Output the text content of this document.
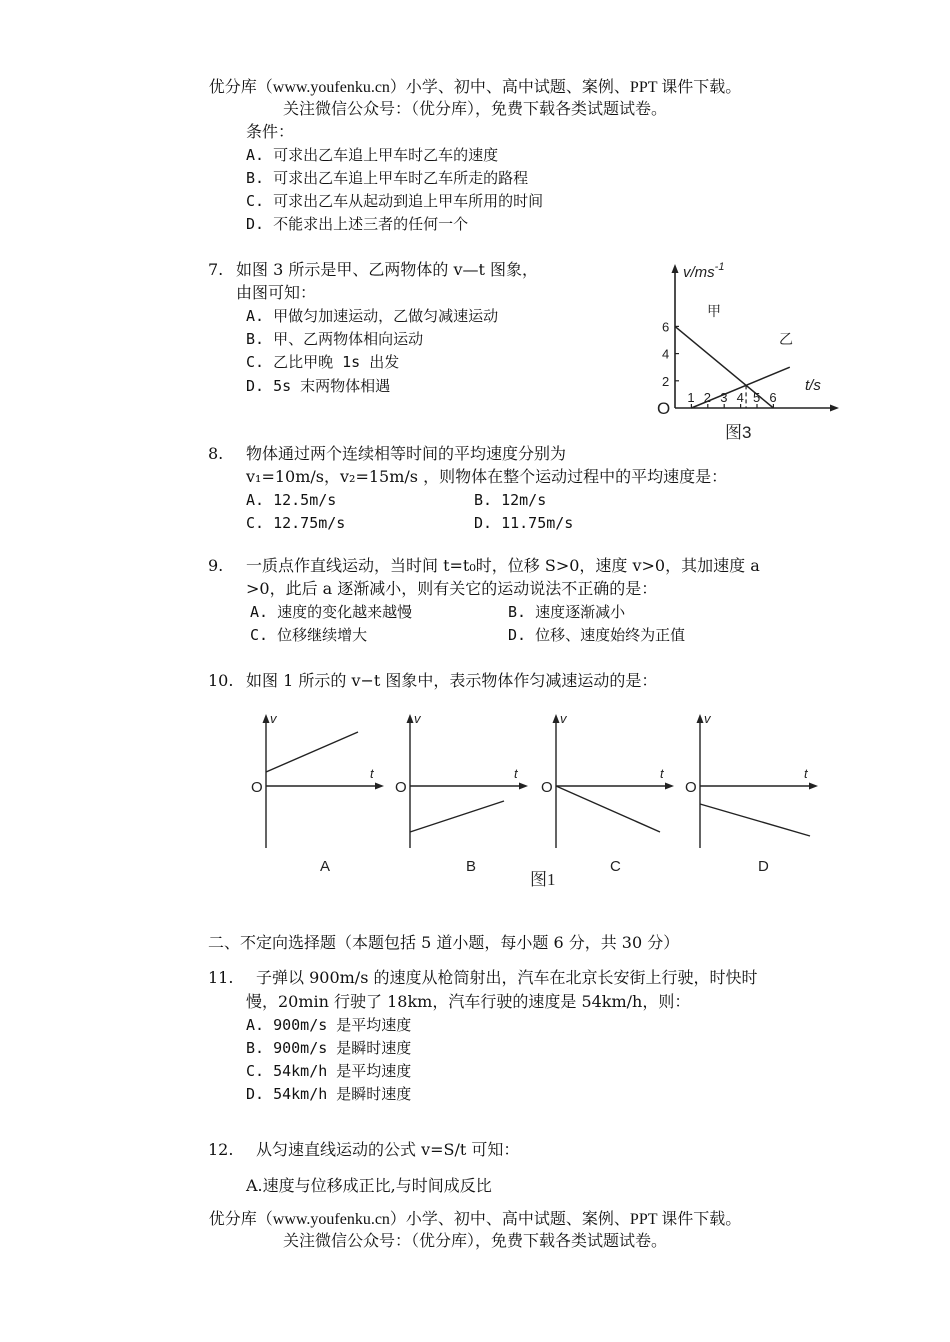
优分库（www.youfenku.cn）小学、初中、高中试题、案例、PPT 课件下载。
关注微信公众号：（优分库），免费下载各类试题试卷。
条件：
A. 可求出乙车追上甲车时乙车的速度
B. 可求出乙车追上甲车时乙车所走的路程
C. 可求出乙车从起动到追上甲车所用的时间
D. 不能求出上述三者的任何一个
7. 如图 3 所示是甲、乙两物体的 v—t 图象，
由图可知：
A. 甲做匀加速运动，乙做匀减速运动
B. 甲、乙两物体相向运动
C. 乙比甲晚 1s 出发
D. 5s 末两物体相遇
1 2 3 4 5 6
6
4
2
$v/ms^{-1}$
t/s
O
甲
乙
图3
8. 物体通过两个连续相等时间的平均速度分别为
v₁=10m/s，v₂=15m/s ，则物体在整个运动过程中的平均速度是：
A. 12.5m/s	B. 12m/s
C. 12.75m/s	D. 11.75m/s
9. 一质点作直线运动，当时间 t=t₀时，位移 S>0，速度 v>0，其加速度 a
>0，此后 a 逐渐减小，则有关它的运动说法不正确的是：
A. 速度的变化越来越慢	B. 速度逐渐减小
C. 位移继续增大	D. 位移、速度始终为正值
10. 如图 1 所示的 v−t 图象中，表示物体作匀减速运动的是：
v
t
O
A
v
t
O
B
v
t
O
C
v
t
O
D
图1
二、不定向选择题（本题包括 5 道小题，每小题 6 分，共 30 分）
11. 子弹以 900m/s 的速度从枪筒射出，汽车在北京长安街上行驶，时快时
慢，20min 行驶了 18km，汽车行驶的速度是 54km/h，则：
A. 900m/s 是平均速度
B. 900m/s 是瞬时速度
C. 54km/h 是平均速度
D. 54km/h 是瞬时速度
12. 从匀速直线运动的公式 v=S/t 可知：
A.速度与位移成正比,与时间成反比
优分库（www.youfenku.cn）小学、初中、高中试题、案例、PPT 课件下载。
关注微信公众号：（优分库），免费下载各类试题试卷。
